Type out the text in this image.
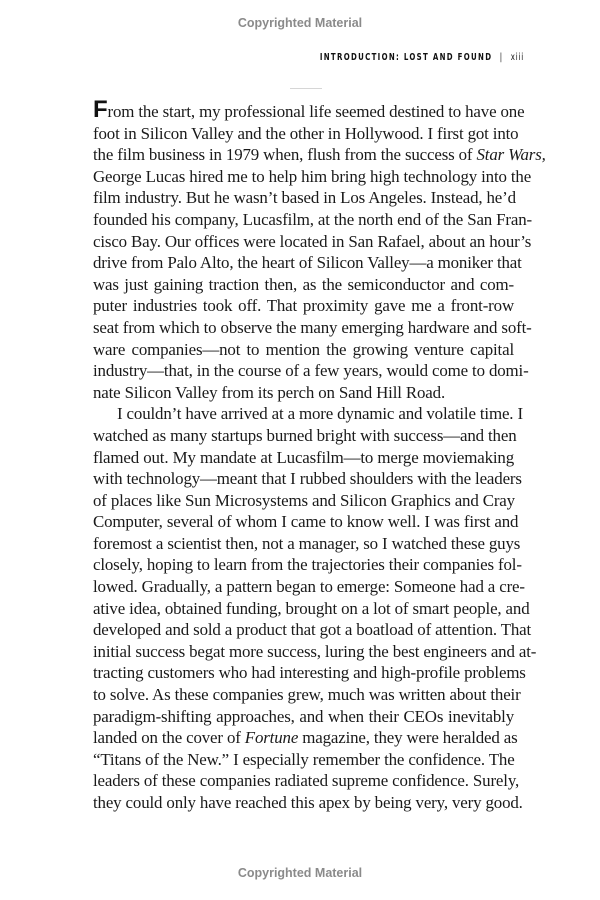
Copyrighted Material
INTRODUCTION: LOST AND FOUND | xiii

From the start, my professional life seemed destined to have one
foot in Silicon Valley and the other in Hollywood. I first got into
the film business in 1979 when, flush from the success of Star Wars,
George Lucas hired me to help him bring high technology into the
film industry. But he wasn’t based in Los Angeles. Instead, he’d
founded his company, Lucasfilm, at the north end of the San Fran-
cisco Bay. Our offices were located in San Rafael, about an hour’s
drive from Palo Alto, the heart of Silicon Valley—a moniker that
was just gaining traction then, as the semiconductor and com-
puter industries took off. That proximity gave me a front-row
seat from which to observe the many emerging hardware and soft-
ware companies—not to mention the growing venture capital
industry—that, in the course of a few years, would come to domi-
nate Silicon Valley from its perch on Sand Hill Road.

I couldn’t have arrived at a more dynamic and volatile time. I
watched as many startups burned bright with success—and then
flamed out. My mandate at Lucasfilm—to merge moviemaking
with technology—meant that I rubbed shoulders with the leaders
of places like Sun Microsystems and Silicon Graphics and Cray
Computer, several of whom I came to know well. I was first and
foremost a scientist then, not a manager, so I watched these guys
closely, hoping to learn from the trajectories their companies fol-
lowed. Gradually, a pattern began to emerge: Someone had a cre-
ative idea, obtained funding, brought on a lot of smart people, and
developed and sold a product that got a boatload of attention. That
initial success begat more success, luring the best engineers and at-
tracting customers who had interesting and high-profile problems
to solve. As these companies grew, much was written about their
paradigm-shifting approaches, and when their CEOs inevitably
landed on the cover of Fortune magazine, they were heralded as
“Titans of the New.” I especially remember the confidence. The
leaders of these companies radiated supreme confidence. Surely,
they could only have reached this apex by being very, very good.

Copyrighted Material
